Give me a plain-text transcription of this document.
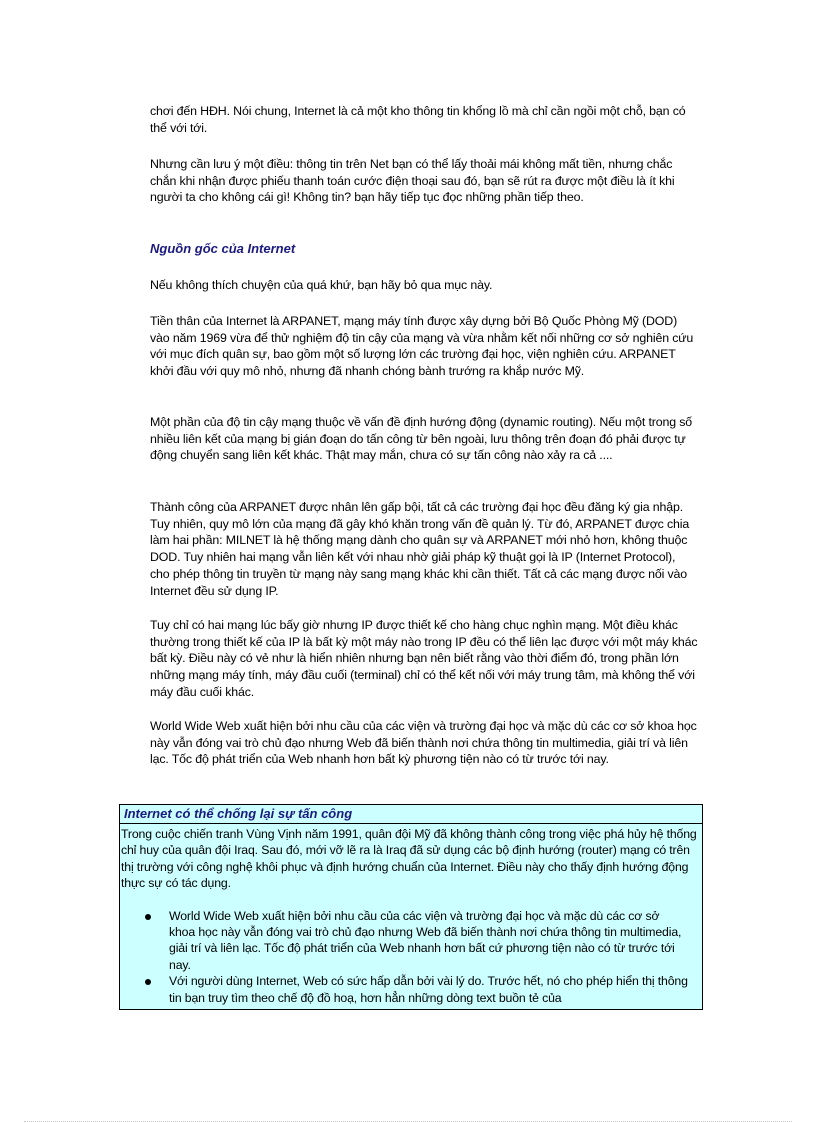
chơi đến HĐH. Nói chung, Internet là cả một kho thông tin khổng lồ mà chỉ cần ngồi một chỗ, bạn có thể với tới.

Nhưng cần lưu ý một điều: thông tin trên Net bạn có thể lấy thoải mái không mất tiền, nhưng chắc chắn khi nhận được phiếu thanh toán cước điện thoại sau đó, bạn sẽ rút ra được một điều là ít khi người ta cho không cái gì! Không tin? bạn hãy tiếp tục đọc những phần tiếp theo.

Nguồn gốc của Internet

Nếu không thích chuyện của quá khứ, bạn hãy bỏ qua mục này.

Tiền thân của Internet là ARPANET, mạng máy tính được xây dựng bởi Bộ Quốc Phòng Mỹ (DOD) vào năm 1969 vừa để thử nghiệm độ tin cậy của mạng và vừa nhằm kết nối những cơ sở nghiên cứu với mục đích quân sự, bao gồm một số lượng lớn các trường đại học, viện nghiên cứu. ARPANET khởi đầu với quy mô nhỏ, nhưng đã nhanh chóng bành trướng ra khắp nước Mỹ.

Một phần của độ tin cậy mạng thuộc về vấn đề định hướng động (dynamic routing). Nếu một trong số nhiều liên kết của mạng bị gián đoạn do tấn công từ bên ngoài, lưu thông trên đoạn đó phải được tự động chuyển sang liên kết khác. Thật may mắn, chưa có sự tấn công nào xảy ra cả ....

Thành công của ARPANET được nhân lên gấp bội, tất cả các trường đại học đều đăng ký gia nhập. Tuy nhiên, quy mô lớn của mạng đã gây khó khăn trong vấn đề quản lý. Từ đó, ARPANET được chia làm hai phần: MILNET là hệ thống mạng dành cho quân sự và ARPANET mới nhỏ hơn, không thuộc DOD. Tuy nhiên hai mạng vẫn liên kết với nhau nhờ giải pháp kỹ thuật gọi là IP (Internet Protocol), cho phép thông tin truyền từ mạng này sang mạng khác khi cần thiết. Tất cả các mạng được nối vào Internet đều sử dụng IP.

Tuy chỉ có hai mạng lúc bấy giờ nhưng IP được thiết kế cho hàng chục nghìn mạng. Một điều khác thường trong thiết kế của IP là bất kỳ một máy nào trong IP đều có thể liên lạc được với một máy khác bất kỳ. Điều này có vẻ như là hiển nhiên nhưng bạn nên biết rằng vào thời điểm đó, trong phần lớn những mạng máy tính, máy đầu cuối (terminal) chỉ có thể kết nối với máy trung tâm, mà không thể với máy đầu cuối khác.

World Wide Web xuất hiện bởi nhu cầu của các viện và trường đại học và mặc dù các cơ sở khoa học này vẫn đóng vai trò chủ đạo nhưng Web đã biến thành nơi chứa thông tin multimedia, giải trí và liên lạc. Tốc độ phát triển của Web nhanh hơn bất kỳ phương tiện nào có từ trước tới nay.

Internet có thể chống lại sự tấn công

Trong cuộc chiến tranh Vùng Vịnh năm 1991, quân đội Mỹ đã không thành công trong việc phá hủy hệ thống chỉ huy của quân đội Iraq. Sau đó, mới vỡ lẽ ra là Iraq đã sử dụng các bộ định hướng (router) mạng có trên thị trường với công nghệ khôi phục và định hướng chuẩn của Internet. Điều này cho thấy định hướng động thực sự có tác dụng.

World Wide Web xuất hiện bởi nhu cầu của các viện và trường đại học và mặc dù các cơ sở khoa học này vẫn đóng vai trò chủ đạo nhưng Web đã biến thành nơi chứa thông tin multimedia, giải trí và liên lạc. Tốc độ phát triển của Web nhanh hơn bất cứ phương tiện nào có từ trước tới nay.
Với người dùng Internet, Web có sức hấp dẫn bởi vài lý do. Trước hết, nó cho phép hiển thị thông tin bạn truy tìm theo chế độ đồ hoạ, hơn hẳn những dòng text buồn tẻ của
